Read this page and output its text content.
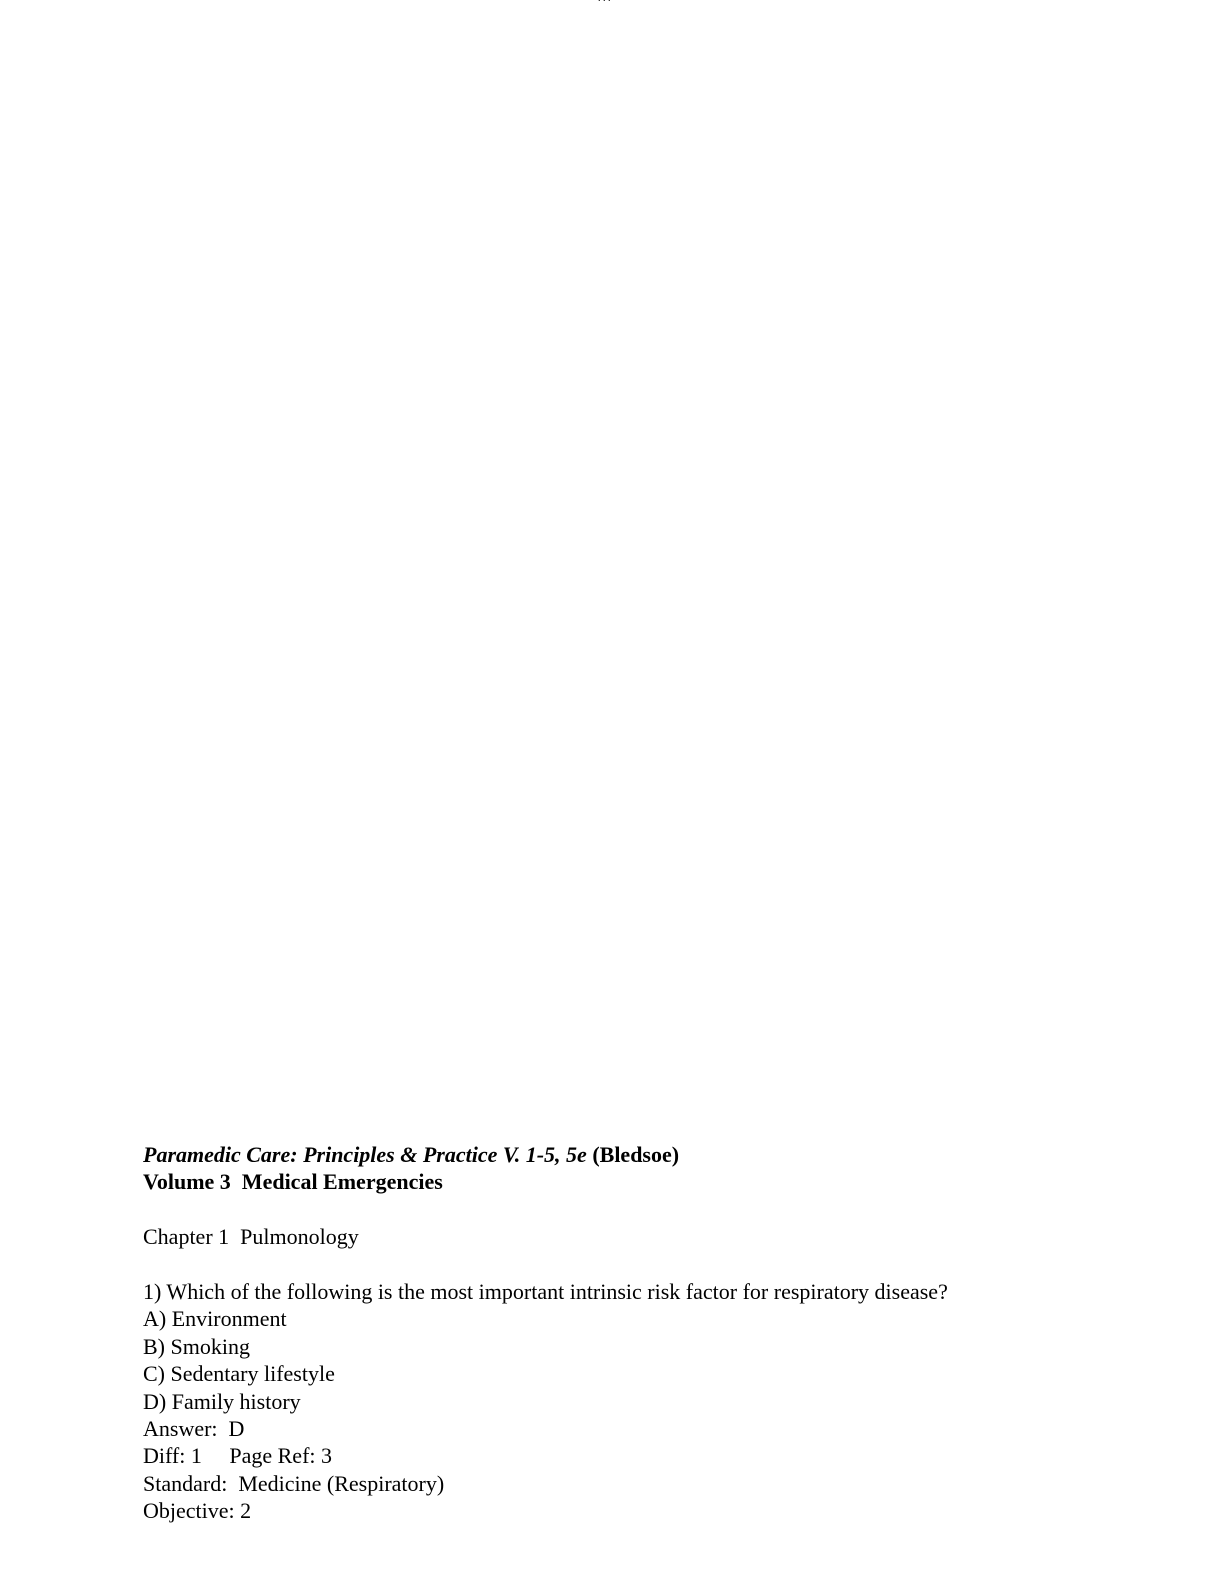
Paramedic Care: Principles & Practice V. 1-5, 5e (Bledsoe)
Volume 3  Medical Emergencies
Chapter 1  Pulmonology
1) Which of the following is the most important intrinsic risk factor for respiratory disease?
A) Environment
B) Smoking
C) Sedentary lifestyle
D) Family history
Answer:  D
Diff: 1     Page Ref: 3
Standard:  Medicine (Respiratory)
Objective: 2
